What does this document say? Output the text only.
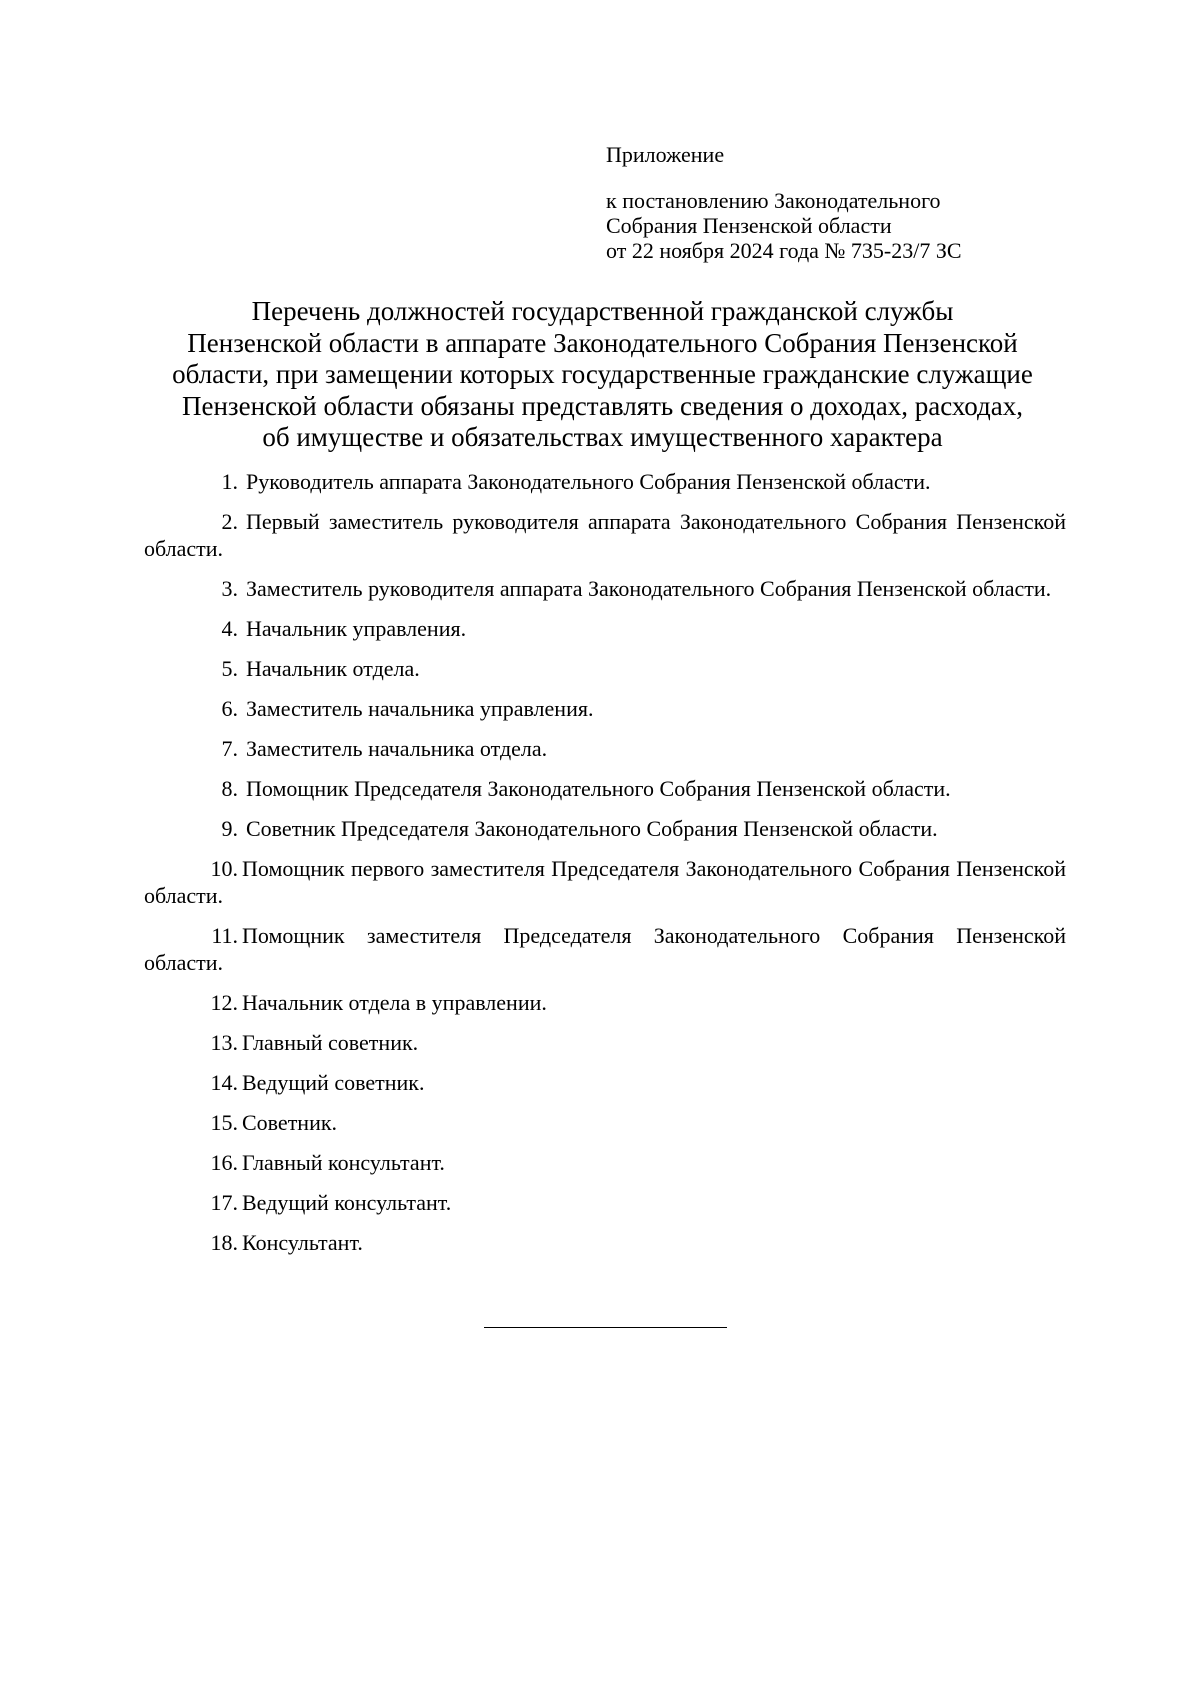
Приложение

к постановлению Законодательного
Собрания Пензенской области
от 22 ноября 2024 года № 735-23/7 ЗС
Перечень должностей государственной гражданской службы
Пензенской области в аппарате Законодательного Собрания Пензенской
области, при замещении которых государственные гражданские служащие
Пензенской области обязаны представлять сведения о доходах, расходах,
об имуществе и обязательствах имущественного характера
1. Руководитель аппарата Законодательного Собрания Пензенской области.
2. Первый заместитель руководителя аппарата Законодательного Собрания Пензенской области.
3. Заместитель руководителя аппарата Законодательного Собрания Пензенской области.
4. Начальник управления.
5. Начальник отдела.
6. Заместитель начальника управления.
7. Заместитель начальника отдела.
8. Помощник Председателя Законодательного Собрания Пензенской области.
9. Советник Председателя Законодательного Собрания Пензенской области.
10. Помощник первого заместителя Председателя Законодательного Собрания Пензенской области.
11. Помощник заместителя Председателя Законодательного Собрания Пензенской области.
12. Начальник отдела в управлении.
13. Главный советник.
14. Ведущий советник.
15. Советник.
16. Главный консультант.
17. Ведущий консультант.
18. Консультант.
